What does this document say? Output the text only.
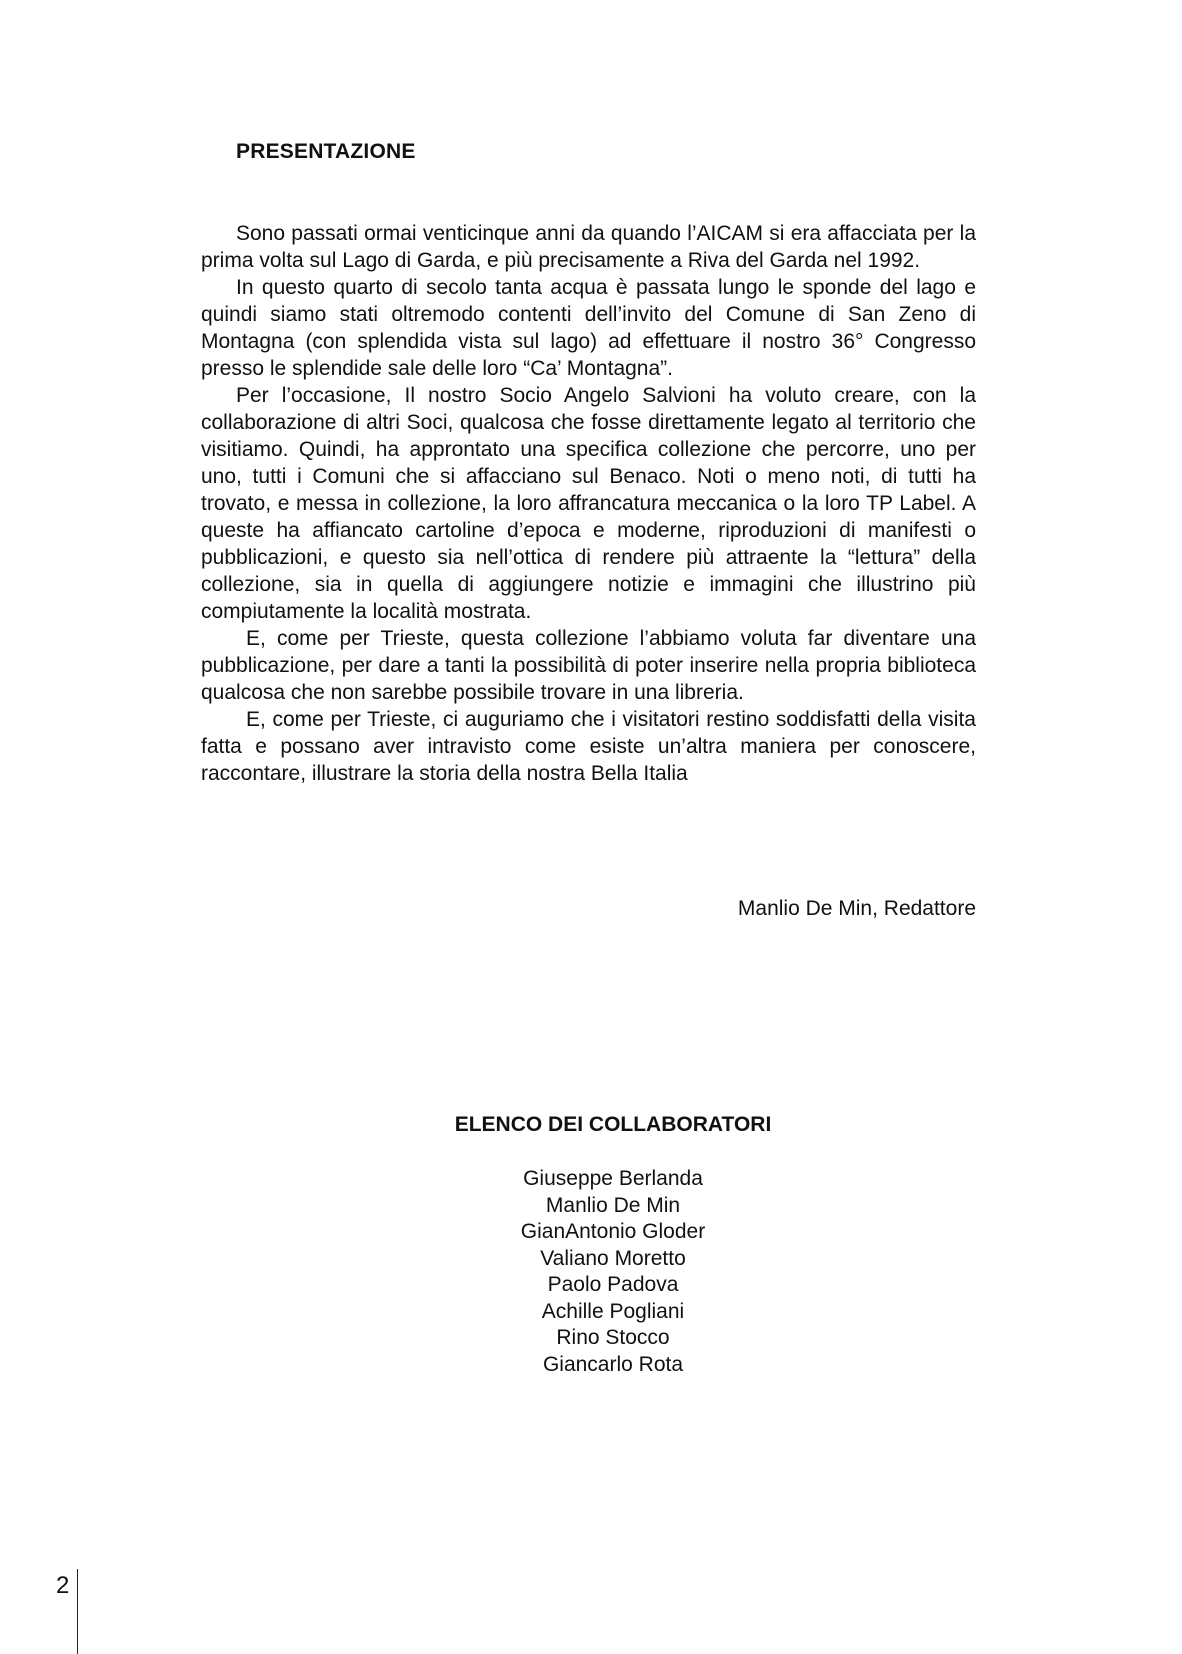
PRESENTAZIONE

Sono passati ormai venticinque anni da quando l’AICAM si era affacciata per la prima volta sul Lago di Garda, e più precisamente a Riva del Garda nel 1992.

In questo quarto di secolo tanta acqua è passata lungo le sponde del lago e quindi siamo stati oltremodo contenti dell’invito del Comune di San Zeno di Montagna (con splendida vista sul lago) ad effettuare il nostro 36° Congresso presso le splendide sale delle loro “Ca’ Montagna”.

Per l’occasione, Il nostro Socio Angelo Salvioni ha voluto creare, con la collaborazione di altri Soci, qualcosa che fosse direttamente legato al territorio che visitiamo. Quindi, ha approntato una specifica collezione che percorre, uno per uno, tutti i Comuni che si affacciano sul Benaco. Noti o meno noti, di tutti ha trovato, e messa in collezione, la loro affrancatura meccanica o la loro TP Label. A queste ha affiancato cartoline d’epoca e moderne, riproduzioni di manifesti o pubblicazioni, e questo sia nell’ottica di rendere più attraente la “lettura” della collezione, sia in quella di aggiungere notizie e immagini che illustrino più compiutamente la località mostrata.

E, come per Trieste, questa collezione l’abbiamo voluta far diventare una pubblicazione, per dare a tanti la possibilità di poter inserire nella propria biblioteca qualcosa che non sarebbe possibile trovare in una libreria.

E, come per Trieste, ci auguriamo che i visitatori restino soddisfatti della visita fatta e possano aver intravisto come esiste un’altra maniera per conoscere, raccontare, illustrare la storia della nostra Bella Italia

Manlio De Min, Redattore

ELENCO DEI COLLABORATORI
Giuseppe Berlanda
Manlio De Min
GianAntonio Gloder
Valiano Moretto
Paolo Padova
Achille Pogliani
Rino Stocco
Giancarlo Rota

2
